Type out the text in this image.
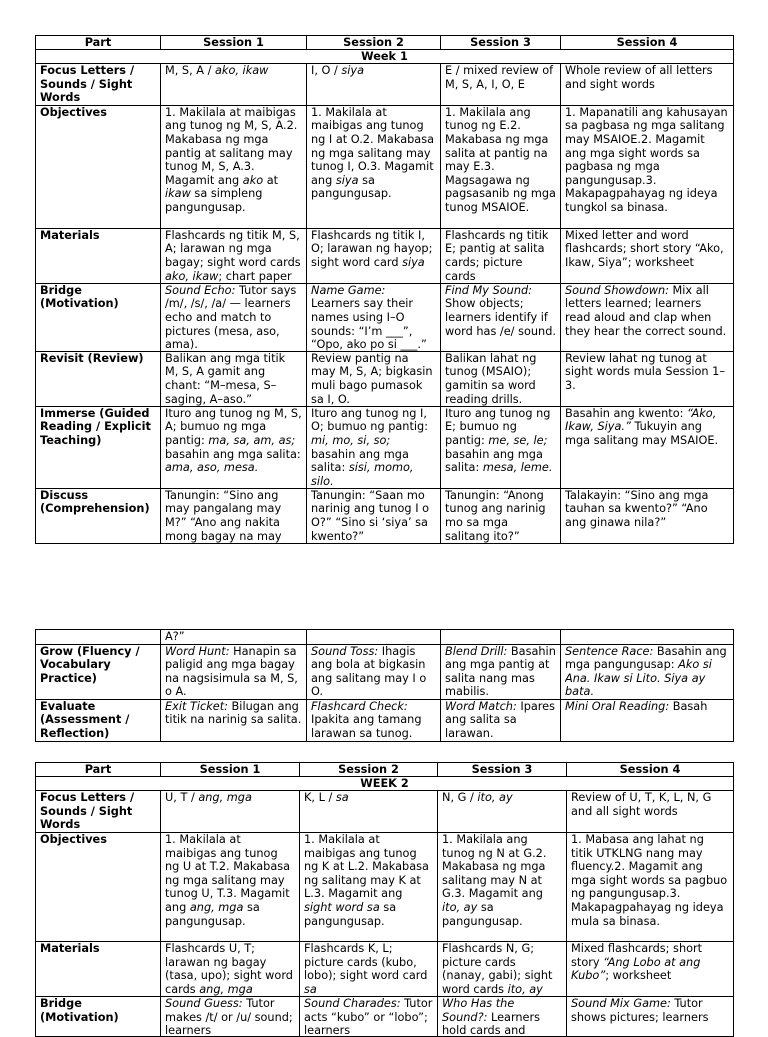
Part	Session 1	Session 2	Session 3	Session 4
Week 1				
Focus Letters / Sounds / Sight Words	M, S, A / ako, ikaw	I, O / siya	E / mixed review of M, S, A, I, O, E	Whole review of all letters and sight words

Objectives	1. Makilala at maibigas ang tunog ng M, S, A.2. Makabasa ng mga pantig at salitang may tunog M, S, A.3. Magamit ang ako at ikaw sa simpleng pangungusap.	1. Makilala at maibigas ang tunog ng I at O.2. Makabasa ng mga salitang may tunog I, O.3. Magamit ang siya sa pangungusap.	1. Makilala ang tunog ng E.2. Makabasa ng mga salita at pantig na may E.3. Magsagawa ng pagsasanib ng mga tunog MSAIOE.	1. Mapanatili ang kahusayan sa pagbasa ng mga salitang may MSAIOE.2. Magamit ang mga sight words sa pagbasa ng mga pangungusap.3. Makapagpahayag ng ideya tungkol sa binasa.

Materials	Flashcards ng titik M, S, A; larawan ng mga bagay; sight word cards ako, ikaw; chart paper	Flashcards ng titik I, O; larawan ng hayop; sight word card siya	Flashcards ng titik E; pantig at salita cards; picture cards	Mixed letter and word flashcards; short story “Ako, Ikaw, Siya”; worksheet

Bridge (Motivation)	Sound Echo: Tutor says /m/, /s/, /a/ — learners echo and match to pictures (mesa, aso, ama).	Name Game: Learners say their names using I–O sounds: “I’m ___”, “Opo, ako po si ___.”	Find My Sound: Show objects; learners identify if word has /e/ sound.	Sound Showdown: Mix all letters learned; learners read aloud and clap when they hear the correct sound.

Revisit (Review)	Balikan ang mga titik M, S, A gamit ang chant: “M–mesa, S–saging, A–aso.”	Review pantig na may M, S, A; bigkasin muli bago pumasok sa I, O.	Balikan lahat ng tunog (MSAIO); gamitin sa word reading drills.	Review lahat ng tunog at sight words mula Session 1–3.

Immerse (Guided Reading / Explicit Teaching)	Ituro ang tunog ng M, S, A; bumuo ng mga pantig: ma, sa, am, as; basahin ang mga salita: ama, aso, mesa.	Ituro ang tunog ng I, O; bumuo ng pantig: mi, mo, si, so; basahin ang mga salita: sisi, momo, silo.	Ituro ang tunog ng E; bumuo ng pantig: me, se, le; basahin ang mga salita: mesa, leme.	Basahin ang kwento: “Ako, Ikaw, Siya.” Tukuyin ang mga salitang may MSAIOE.

Discuss (Comprehension)	Tanungin: “Sino ang may pangalang may M?” “Ano ang nakita mong bagay na may	Tanungin: “Saan mo narinig ang tunog I o O?” “Sino si ‘siya’ sa kwento?”	Tanungin: “Anong tunog ang narinig mo sa mga salitang ito?”	Talakayin: “Sino ang mga tauhan sa kwento?” “Ano ang ginawa nila?”
	A?”			
Grow (Fluency / Vocabulary Practice)	Word Hunt: Hanapin sa paligid ang mga bagay na nagsisimula sa M, S, o A.	Sound Toss: Ihagis ang bola at bigkasin ang salitang may I o O.	Blend Drill: Basahin ang mga pantig at salita nang mas mabilis.	Sentence Race: Basahin ang mga pangungusap: Ako si Ana. Ikaw si Lito. Siya ay bata.

Evaluate (Assessment / Reflection)	Exit Ticket: Bilugan ang titik na narinig sa salita.	Flashcard Check: Ipakita ang tamang larawan sa tunog.	Word Match: Ipares ang salita sa larawan.	Mini Oral Reading: Basah
Part	Session 1	Session 2	Session 3	Session 4
WEEK 2				
Focus Letters / Sounds / Sight Words	U, T / ang, mga	K, L / sa	N, G / ito, ay	Review of U, T, K, L, N, G and all sight words

Objectives	1. Makilala at maibigas ang tunog ng U at T.2. Makabasa ng mga salitang may tunog U, T.3. Magamit ang ang, mga sa pangungusap.	1. Makilala at maibigas ang tunog ng K at L.2. Makabasa ng salitang may K at L.3. Magamit ang sight word sa sa pangungusap.	1. Makilala ang tunog ng N at G.2. Makabasa ng mga salitang may N at G.3. Magamit ang ito, ay sa pangungusap.	1. Mabasa ang lahat ng titik UTKLNG nang may fluency.2. Magamit ang mga sight words sa pagbuo ng pangungusap.3. Makapagpahayag ng ideya mula sa binasa.

Materials	Flashcards U, T; larawan ng bagay (tasa, upo); sight word cards ang, mga	Flashcards K, L; picture cards (kubo, lobo); sight word card sa	Flashcards N, G; picture cards (nanay, gabi); sight word cards ito, ay	Mixed flashcards; short story “Ang Lobo at ang Kubo”; worksheet

Bridge (Motivation)	Sound Guess: Tutor makes /t/ or /u/ sound; learners	Sound Charades: Tutor acts “kubo” or “lobo”; learners	Who Has the Sound?: Learners hold cards and	Sound Mix Game: Tutor shows pictures; learners
